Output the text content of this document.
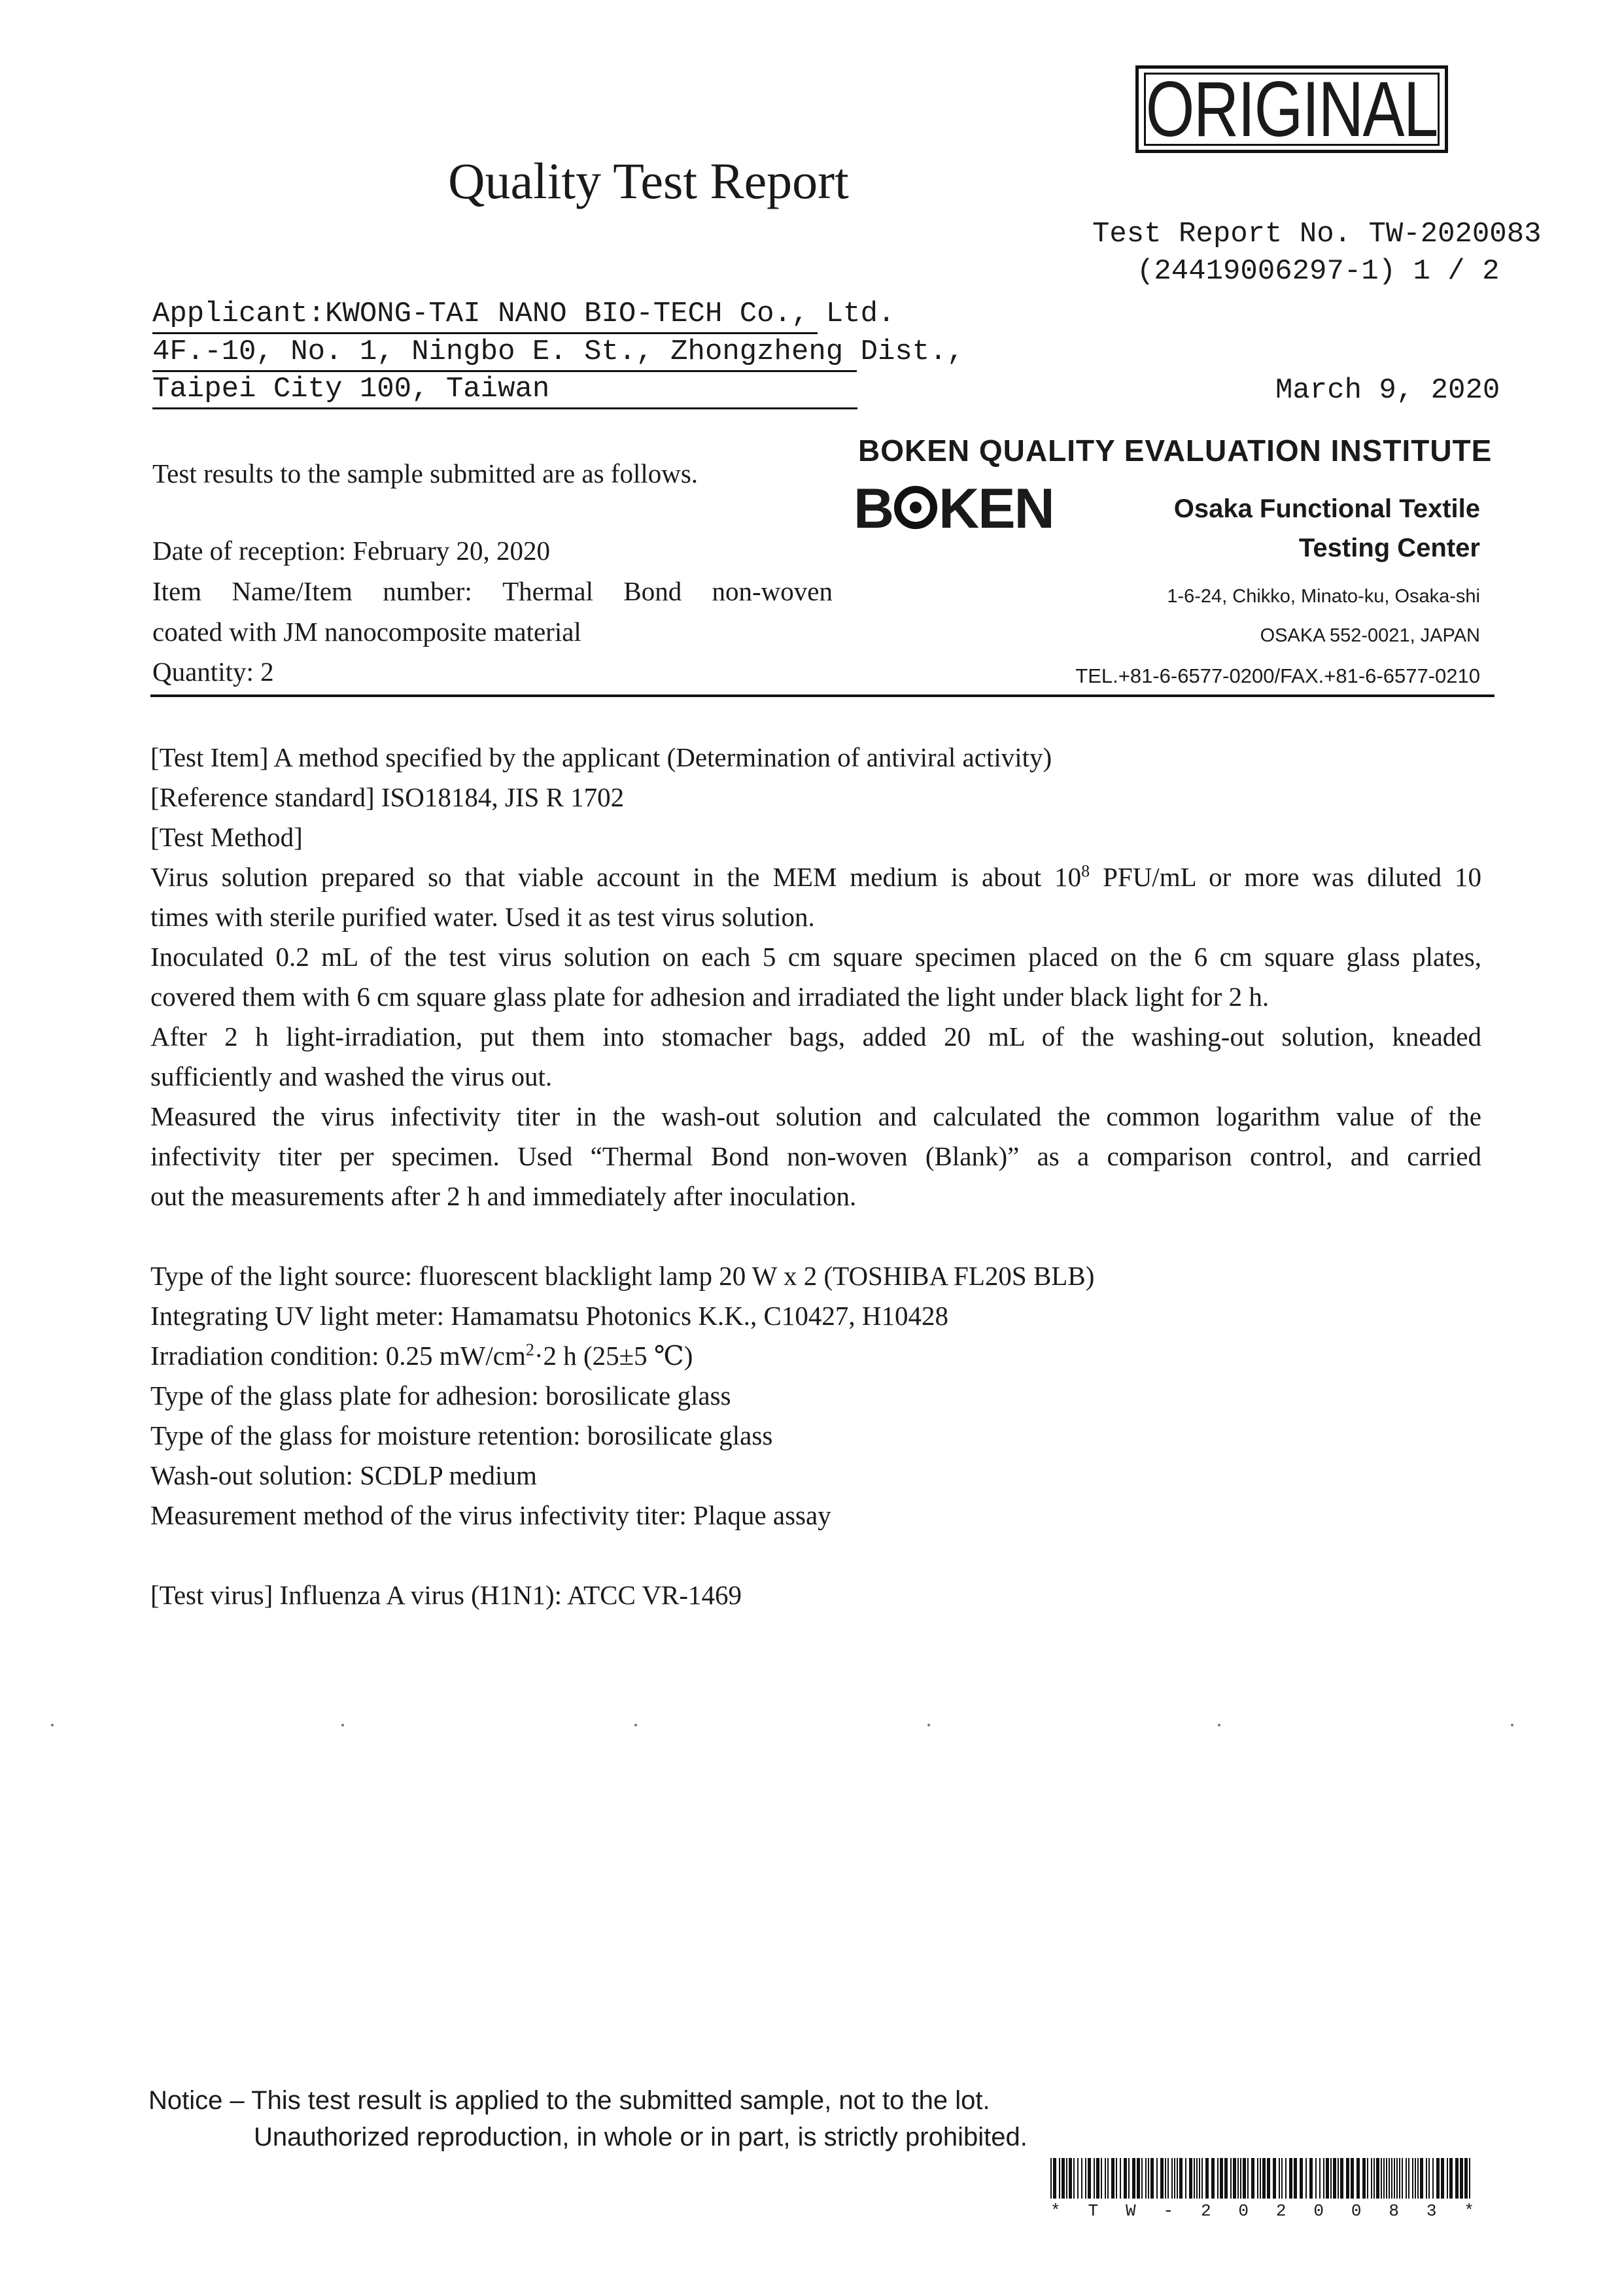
ORIGINAL
Quality Test Report
Test Report No. TW-2020083
(24419006297-1) 1 / 2
Applicant:KWONG-TAI NANO BIO-TECH Co., Ltd.
4F.-10, No. 1, Ningbo E. St., Zhongzheng Dist.,
Taipei City 100, Taiwan	March 9, 2020
Test results to the sample submitted are as follows.
BOKEN QUALITY EVALUATION INSTITUTE
B KEN	Osaka Functional Textile
Testing Center
1-6-24, Chikko, Minato-ku, Osaka-shi
OSAKA 552-0021, JAPAN
TEL.+81-6-6577-0200/FAX.+81-6-6577-0210
Date of reception: February 20, 2020
Item Name/Item number: Thermal Bond non-woven
coated with JM nanocomposite material
Quantity: 2

[Test Item] A method specified by the applicant (Determination of antiviral activity)

[Reference standard] ISO18184, JIS R 1702

[Test Method]

Virus solution prepared so that viable account in the MEM medium is about $10^8$ PFU/mL or more was diluted 10

times with sterile purified water. Used it as test virus solution.

Inoculated 0.2 mL of the test virus solution on each 5 cm square specimen placed on the 6 cm square glass plates,

covered them with 6 cm square glass plate for adhesion and irradiated the light under black light for 2 h.

After 2 h light-irradiation, put them into stomacher bags, added 20 mL of the washing-out solution, kneaded

sufficiently and washed the virus out.

Measured the virus infectivity titer in the wash-out solution and calculated the common logarithm value of the

infectivity titer per specimen. Used “Thermal Bond non-woven (Blank)” as a comparison control, and carried

out the measurements after 2 h and immediately after inoculation.

Type of the light source: fluorescent blacklight lamp 20 W x 2 (TOSHIBA FL20S BLB)

Integrating UV light meter: Hamamatsu Photonics K.K., C10427, H10428

Irradiation condition: 0.25 $mW/cm^2\cdot 2$ h (25±5 ℃)

Type of the glass plate for adhesion: borosilicate glass

Type of the glass for moisture retention: borosilicate glass

Wash-out solution: SCDLP medium

Measurement method of the virus infectivity titer: Plaque assay

[Test virus] Influenza A virus (H1N1): ATCC VR-1469

Notice – This test result is applied to the submitted sample, not to the lot.
Unauthorized reproduction, in whole or in part, is strictly prohibited.
* T W - 2 0 2 0 0 8 3 *
